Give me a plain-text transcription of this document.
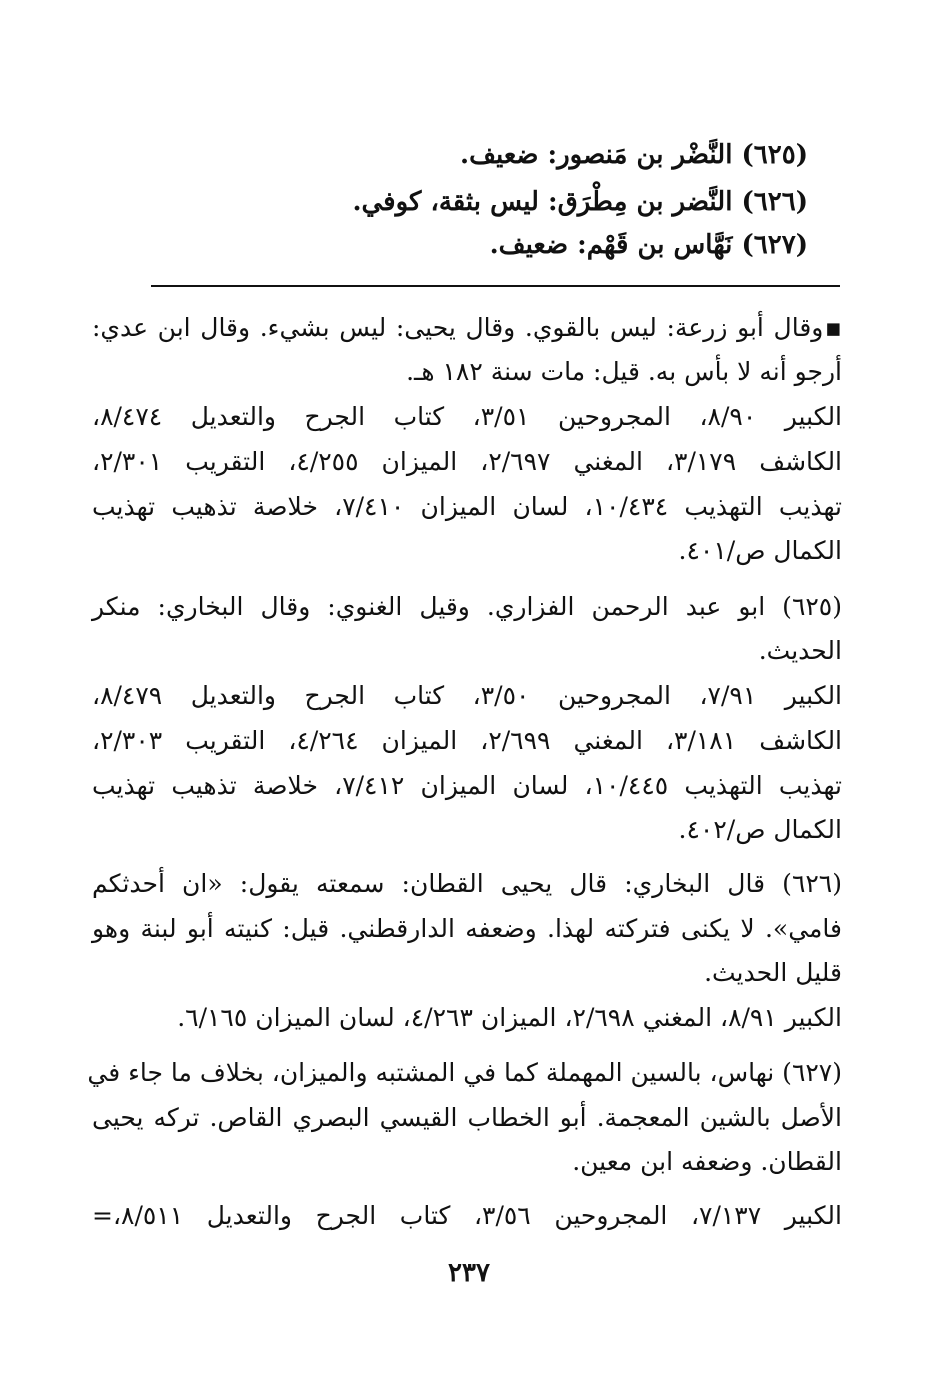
(٦٢٥) النَّضْر بن مَنصور: ضعيف.
(٦٢٦) النَّضر بن مِطْرَق: ليس بثقة، كوفي.
(٦٢٧) نَهَّاس بن قَهْم: ضعيف.
▪وقال أبو زرعة: ليس بالقوي. وقال يحيى: ليس بشيء. وقال ابن عدي:
أرجو أنه لا بأس به. قيل: مات سنة ١٨٢ هـ.
الكبير ٨/٩٠، المجروحين ٣/٥١، كتاب الجرح والتعديل ٨/٤٧٤،
الكاشف ٣/١٧٩، المغني ٢/٦٩٧، الميزان ٤/٢٥٥، التقريب ٢/٣٠١،
تهذيب التهذيب ١٠/٤٣٤، لسان الميزان ٧/٤١٠، خلاصة تذهيب تهذيب
الكمال ص/٤٠١.
(٦٢٥) ابو عبد الرحمن الفزاري. وقيل الغنوي: وقال البخاري: منكر
الحديث.
الكبير ٧/٩١، المجروحين ٣/٥٠، كتاب الجرح والتعديل ٨/٤٧٩،
الكاشف ٣/١٨١، المغني ٢/٦٩٩، الميزان ٤/٢٦٤، التقريب ٢/٣٠٣،
تهذيب التهذيب ١٠/٤٤٥، لسان الميزان ٧/٤١٢، خلاصة تذهيب تهذيب
الكمال ص/٤٠٢.
(٦٢٦) قال البخاري: قال يحيى القطان: سمعته يقول: «ان أحدثكم
فامي». لا يكنى فتركته لهذا. وضعفه الدارقطني. قيل: كنيته أبو لبنة وهو
قليل الحديث.
الكبير ٨/٩١، المغني ٢/٦٩٨، الميزان ٤/٢٦٣، لسان الميزان ٦/١٦٥.
(٦٢٧) نهاس، بالسين المهملة كما في المشتبه والميزان، بخلاف ما جاء في
الأصل بالشين المعجمة. أبو الخطاب القيسي البصري القاص. تركه يحيى
القطان. وضعفه ابن معين.
الكبير ٧/١٣٧، المجروحين ٣/٥٦، كتاب الجرح والتعديل ٨/٥١١،=
٢٣٧
